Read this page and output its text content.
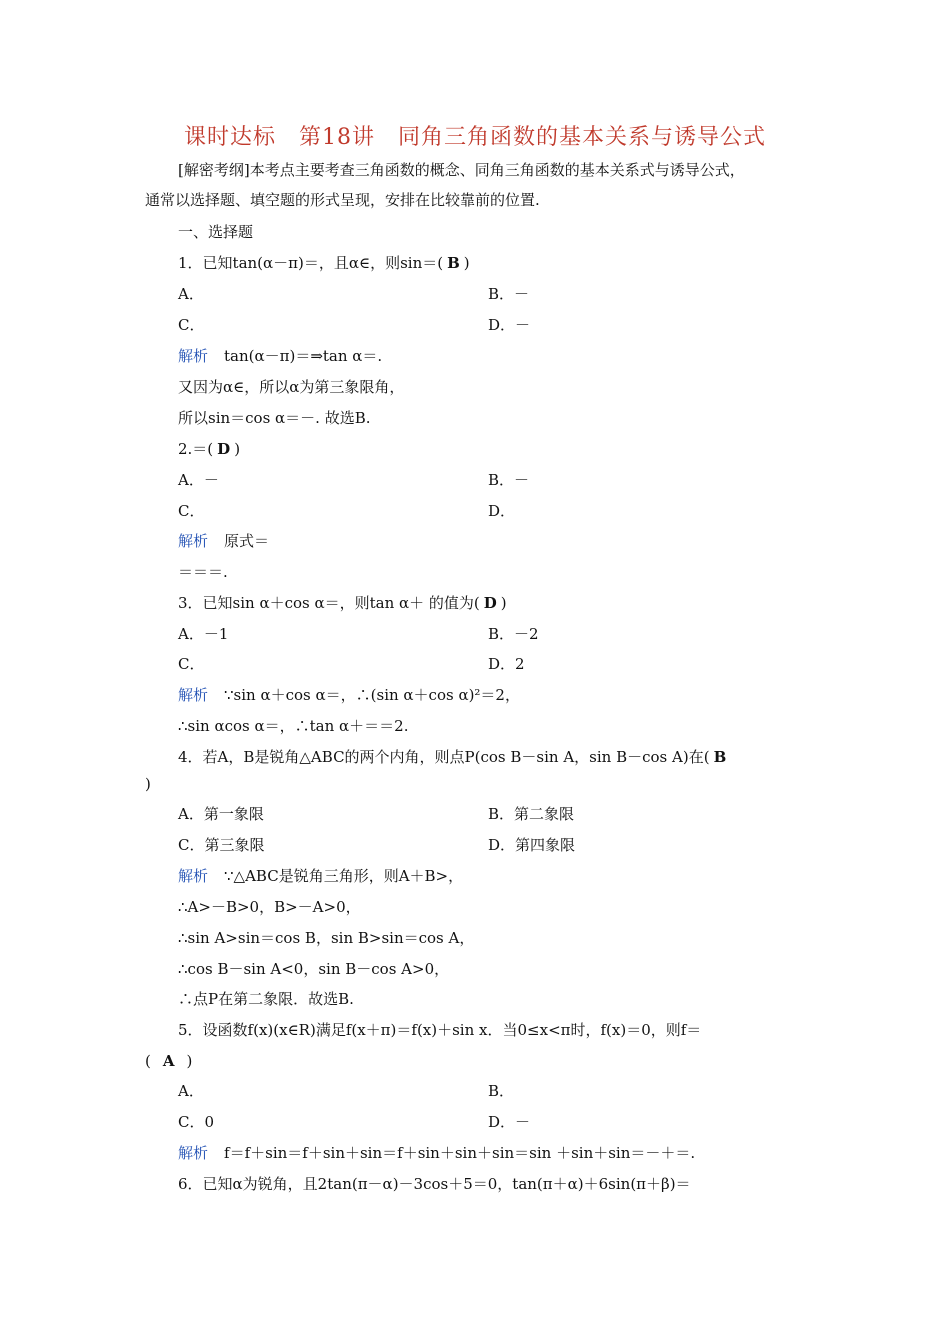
课时达标　第18讲　同角三角函数的基本关系与诱导公式
[解密考纲]本考点主要考查三角函数的概念、同角三角函数的基本关系式与诱导公式，
通常以选择题、填空题的形式呈现，安排在比较靠前的位置.
一、选择题
1．已知tan(α－π)＝，且α∈，则sin＝( B )
A．	B．－
C．	D．－
解析 tan(α－π)＝⇒tan α＝.
又因为α∈，所以α为第三象限角，
所以sin＝cos α＝－. 故选B.
2.＝( D )
A．－	B．－
C．	D．
解析 原式＝
＝＝＝.
3．已知sin α＋cos α＝，则tan α＋ 的值为( D )
A．－1	B．－2
C．	D．2
解析 ∵sin α＋cos α＝，∴(sin α＋cos α)²＝2，
∴sin αcos α＝，∴tan α＋＝＝2.
4．若A，B是锐角△ABC的两个内角，则点P(cos B－sin A，sin B－cos A)在( B
)
A．第一象限	B．第二象限
C．第三象限	D．第四象限
解析 ∵△ABC是锐角三角形，则A＋B>，
∴A>－B>0，B>－A>0，
∴sin A>sin＝cos B，sin B>sin＝cos A，
∴cos B－sin A<0，sin B－cos A>0，
∴点P在第二象限．故选B.
5．设函数f(x)(x∈R)满足f(x＋π)＝f(x)＋sin x．当0≤x<π时，f(x)＝0，则f＝
( A )
A．	B．
C．0	D．－
解析 f＝f＋sin＝f＋sin＋sin＝f＋sin＋sin＋sin＝sin ＋sin＋sin＝－＋＝.
6．已知α为锐角，且2tan(π－α)－3cos＋5＝0，tan(π＋α)＋6sin(π＋β)＝
